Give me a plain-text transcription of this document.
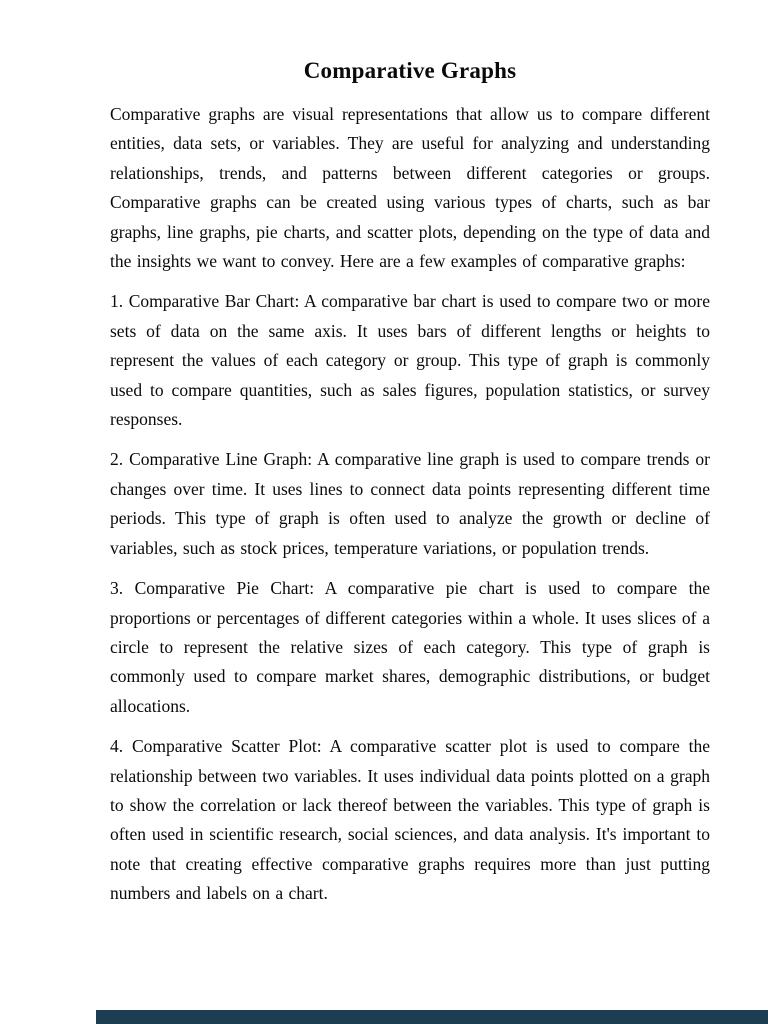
Comparative Graphs

Comparative graphs are visual representations that allow us to compare different entities, data sets, or variables. They are useful for analyzing and understanding relationships, trends, and patterns between different categories or groups. Comparative graphs can be created using various types of charts, such as bar graphs, line graphs, pie charts, and scatter plots, depending on the type of data and the insights we want to convey. Here are a few examples of comparative graphs:

1. Comparative Bar Chart: A comparative bar chart is used to compare two or more sets of data on the same axis. It uses bars of different lengths or heights to represent the values of each category or group. This type of graph is commonly used to compare quantities, such as sales figures, population statistics, or survey responses.

2. Comparative Line Graph: A comparative line graph is used to compare trends or changes over time. It uses lines to connect data points representing different time periods. This type of graph is often used to analyze the growth or decline of variables, such as stock prices, temperature variations, or population trends.

3. Comparative Pie Chart: A comparative pie chart is used to compare the proportions or percentages of different categories within a whole. It uses slices of a circle to represent the relative sizes of each category. This type of graph is commonly used to compare market shares, demographic distributions, or budget allocations.

4. Comparative Scatter Plot: A comparative scatter plot is used to compare the relationship between two variables. It uses individual data points plotted on a graph to show the correlation or lack thereof between the variables. This type of graph is often used in scientific research, social sciences, and data analysis. It's important to note that creating effective comparative graphs requires more than just putting numbers and labels on a chart.
